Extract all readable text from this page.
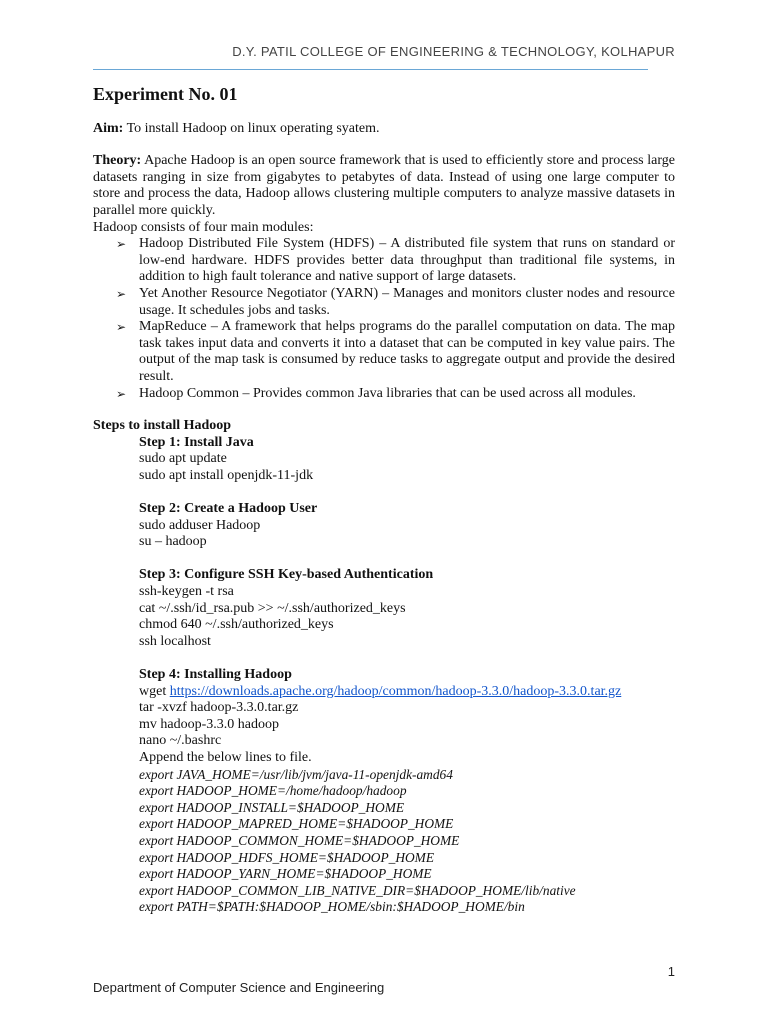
D.Y. PATIL COLLEGE OF ENGINEERING & TECHNOLOGY, KOLHAPUR
Experiment No. 01

Aim: To install Hadoop on linux operating syatem.

Theory: Apache Hadoop is an open source framework that is used to efficiently store and process large datasets ranging in size from gigabytes to petabytes of data. Instead of using one large computer to store and process the data, Hadoop allows clustering multiple computers to analyze massive datasets in parallel more quickly.

Hadoop consists of four main modules:

➢ Hadoop Distributed File System (HDFS) – A distributed file system that runs on standard or low-end hardware. HDFS provides better data throughput than traditional file systems, in addition to high fault tolerance and native support of large datasets.
➢ Yet Another Resource Negotiator (YARN) – Manages and monitors cluster nodes and resource usage. It schedules jobs and tasks.
➢ MapReduce – A framework that helps programs do the parallel computation on data. The map task takes input data and converts it into a dataset that can be computed in key value pairs. The output of the map task is consumed by reduce tasks to aggregate output and provide the desired result.
➢ Hadoop Common – Provides common Java libraries that can be used across all modules.
Steps to install Hadoop
Step 1: Install Java
sudo apt update
sudo apt install openjdk-11-jdk
Step 2: Create a Hadoop User
sudo adduser Hadoop
su – hadoop
Step 3: Configure SSH Key-based Authentication
ssh-keygen -t rsa
cat ~/.ssh/id_rsa.pub >> ~/.ssh/authorized_keys
chmod 640 ~/.ssh/authorized_keys
ssh localhost
Step 4: Installing Hadoop
wget https://downloads.apache.org/hadoop/common/hadoop-3.3.0/hadoop-3.3.0.tar.gz
tar -xvzf hadoop-3.3.0.tar.gz
mv hadoop-3.3.0 hadoop
nano ~/.bashrc
Append the below lines to file.
export JAVA_HOME=/usr/lib/jvm/java-11-openjdk-amd64
export HADOOP_HOME=/home/hadoop/hadoop
export HADOOP_INSTALL=$HADOOP_HOME
export HADOOP_MAPRED_HOME=$HADOOP_HOME
export HADOOP_COMMON_HOME=$HADOOP_HOME
export HADOOP_HDFS_HOME=$HADOOP_HOME
export HADOOP_YARN_HOME=$HADOOP_HOME
export HADOOP_COMMON_LIB_NATIVE_DIR=$HADOOP_HOME/lib/native
export PATH=$PATH:$HADOOP_HOME/sbin:$HADOOP_HOME/bin
1
Department of Computer Science and Engineering
